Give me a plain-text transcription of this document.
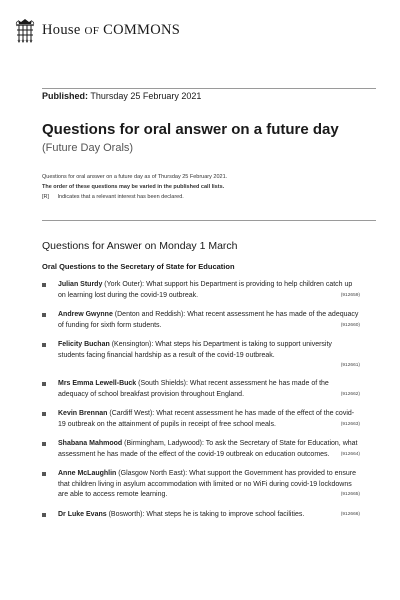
House OF COMMONS
Published: Thursday 25 February 2021
Questions for oral answer on a future day
(Future Day Orals)
Questions for oral answer on a future day as of Thursday 25 February 2021.
The order of these questions may be varied in the published call lists.
[R] Indicates that a relevant interest has been declared.
Questions for Answer on Monday 1 March
Oral Questions to the Secretary of State for Education
Julian Sturdy (York Outer): What support his Department is providing to help children catch up on learning lost during the covid-19 outbreak.	(912659)
Andrew Gwynne (Denton and Reddish): What recent assessment he has made of the adequacy of funding for sixth form students.	(912660)
Felicity Buchan (Kensington): What steps his Department is taking to support university students facing financial hardship as a result of the covid-19 outbreak.
(912661)
Mrs Emma Lewell-Buck (South Shields): What recent assessment he has made of the adequacy of school breakfast provision throughout England.	(912662)
Kevin Brennan (Cardiff West): What recent assessment he has made of the effect of the covid-19 outbreak on the attainment of pupils in receipt of free school meals.	(912663)
Shabana Mahmood (Birmingham, Ladywood): To ask the Secretary of State for Education, what assessment he has made of the effect of the covid-19 outbreak on education outcomes.	(912664)
Anne McLaughlin (Glasgow North East): What support the Government has provided to ensure that children living in asylum accommodation with limited or no WiFi during covid-19 lockdowns are able to access remote learning.	(912665)
Dr Luke Evans (Bosworth): What steps he is taking to improve school facilities.	(912666)
